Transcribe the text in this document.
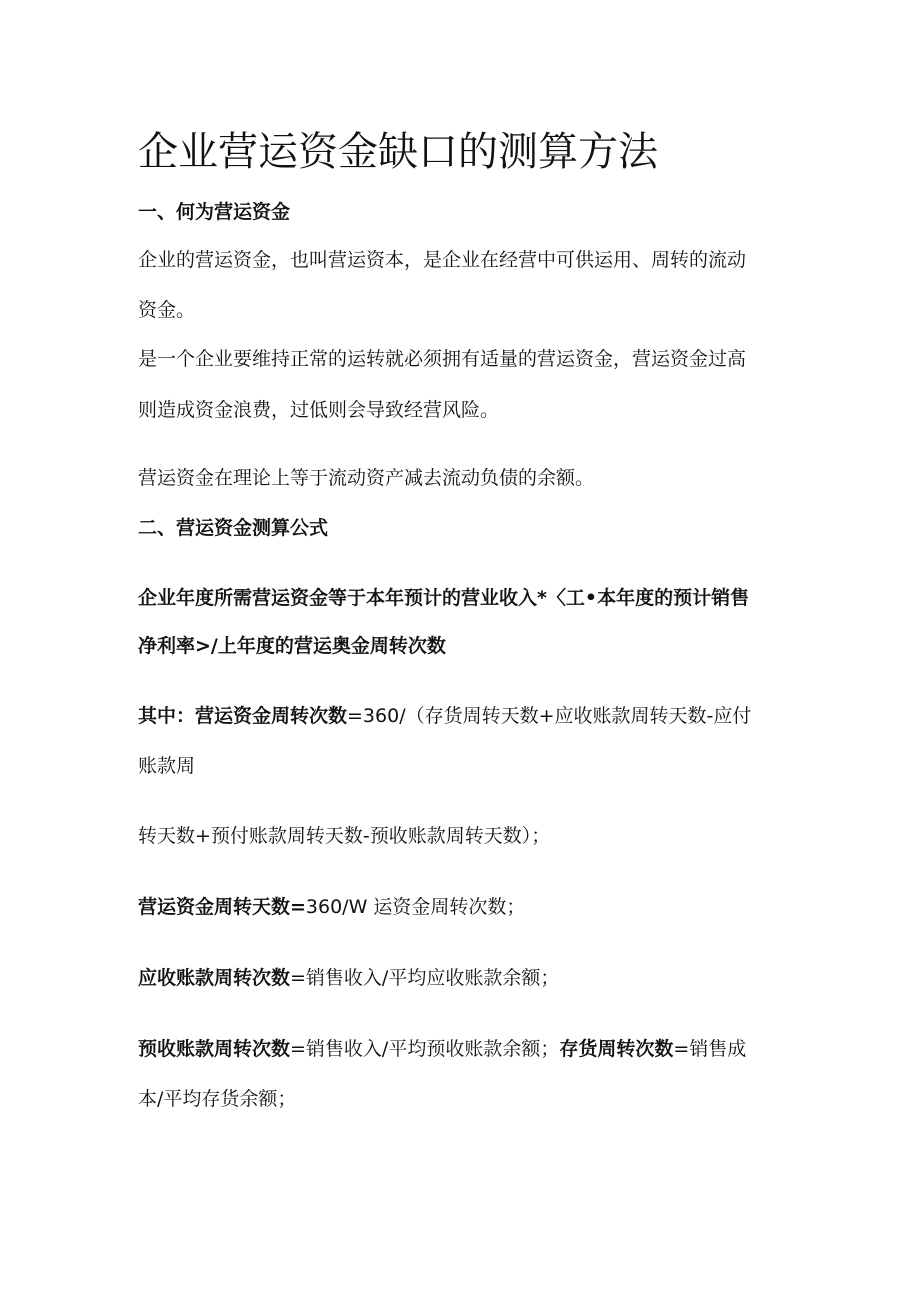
企业营运资金缺口的测算方法

一、何为营运资金

企业的营运资金，也叫营运资本，是企业在经营中可供运用、周转的流动

资金。

是一个企业要维持正常的运转就必须拥有适量的营运资金，营运资金过高

则造成资金浪费，过低则会导致经营风险。

营运资金在理论上等于流动资产减去流动负债的余额。

二、营运资金测算公式

企业年度所需营运资金等于本年预计的营业收入*〈工•本年度的预计销售

净利率>/上年度的营运奥金周转次数

其中：营运资金周转次数=360/（存货周转天数+应收账款周转天数-应付

账款周

转天数+预付账款周转天数-预收账款周转天数）；

营运资金周转天数=360/W 运资金周转次数；

应收账款周转次数=销售收入/平均应收账款余额；

预收账款周转次数=销售收入/平均预收账款余额；存货周转次数=销售成

本/平均存货余额；
